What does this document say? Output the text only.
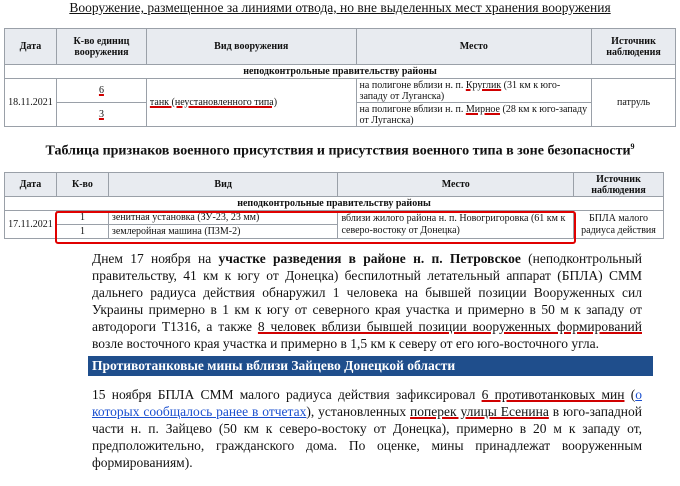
Вооружение, размещенное за линиями отвода, но вне выделенных мест хранения вооружения
Дата	К-во единиц вооружения	Вид вооружения	Место	Источник наблюдения
неподконтрольные правительству районы				
18.11.2021	6	танк (неустановленного типа)	на полигоне вблизи н. п. Круглик (31 км к юго-западу от Луганска)	патруль
	3		на полигоне вблизи н. п. Мирное (28 км к юго-западу от Луганска)	
Таблица признаков военного присутствия и присутствия военного типа в зоне безопасности$^9$
Дата	К-во	Вид	Место	Источник наблюдения
неподконтрольные правительству районы				
17.11.2021	1	зенитная установка (ЗУ-23, 23 мм)	вблизи жилого района н. п. Новогригоровка (61 км к северо-востоку от Донецка)	БПЛА малого радиуса действия
	1	землеройная машина (ПЗМ-2)		
Днем 17 ноября на участке разведения в районе н. п. Петровское (неподконтрольный правительству, 41 км к югу от Донецка) беспилотный летательный аппарат (БПЛА) СММ дальнего радиуса действия обнаружил 1 человека на бывшей позиции Вооруженных сил Украины примерно в 1 км к югу от северного края участка и примерно в 50 м к западу от автодороги Т1316, а также 8 человек вблизи бывшей позиции вооруженных формирований возле восточного края участка и примерно в 1,5 км к северу от его юго-восточного угла.
Противотанковые мины вблизи Зайцево Донецкой области
15 ноября БПЛА СММ малого радиуса действия зафиксировал 6 противотанковых мин (о которых сообщалось ранее в отчетах), установленных поперек улицы Есенина в юго-западной части н. п. Зайцево (50 км к северо-востоку от Донецка), примерно в 20 м к западу от, предположительно, гражданского дома. По оценке, мины принадлежат вооруженным формированиям).
